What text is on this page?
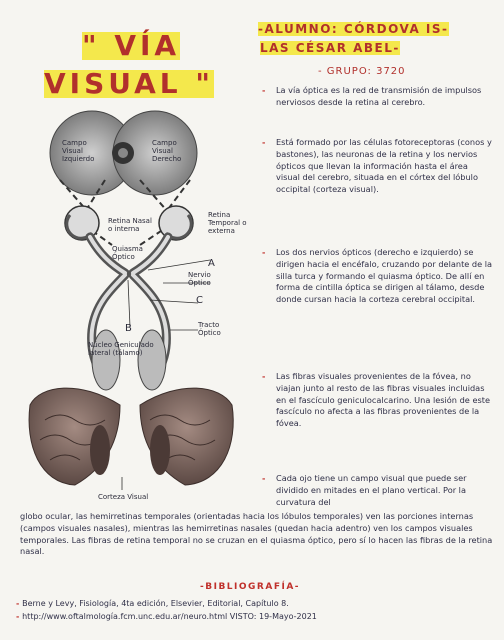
" VÍA
VISUAL "
-ALUMNO: CÓRDOVA IS-
LAS CÉSAR ABEL-
- GRUPO: 3720
Campo Visual Izquierdo
Campo Visual Derecho
Retina Nasal o interna
Retina Temporal o externa
Quiasma Óptico
Nervio Óptico
Tracto Óptico
Núcleo Geniculado lateral (tálamo)
Corteza Visual
A
B
C
-	La vía óptica es la red de transmisión de impulsos nerviosos desde la retina al cerebro.
-	Está formado por las células fotoreceptoras (conos y bastones), las neuronas de la retina y los nervios ópticos que llevan la información hasta el área visual del cerebro, situada en el córtex del lóbulo occipital (corteza visual).
-	Los dos nervios ópticos (derecho e izquierdo) se dirigen hacia el encéfalo, cruzando por delante de la silla turca y formando el quiasma óptico. De allí en forma de cintilla óptica se dirigen al tálamo, desde donde cursan hacia la corteza cerebral occipital.
-	Las fibras visuales provenientes de la fóvea, no viajan junto al resto de las fibras visuales incluidas en el fascículo geniculocalcarino. Una lesión de este fascículo no afecta a las fibras provenientes de la fóvea.
-	Cada ojo tiene un campo visual que puede ser dividido en mitades en el plano vertical. Por la curvatura del
globo ocular, las hemirretinas temporales (orientadas hacia los lóbulos temporales) ven las porciones internas (campos visuales nasales), mientras las hemirretinas nasales (quedan hacia adentro) ven los campos visuales temporales. Las fibras de retina temporal no se cruzan en el quiasma óptico, pero sí lo hacen las fibras de la retina nasal.
-BIBLIOGRAFÍA-
- Berne y Levy, Fisiología, 4ta edición, Elsevier, Editorial, Capítulo 8.
- http://www.oftalmología.fcm.unc.edu.ar/neuro.html VISTO: 19-Mayo-2021
